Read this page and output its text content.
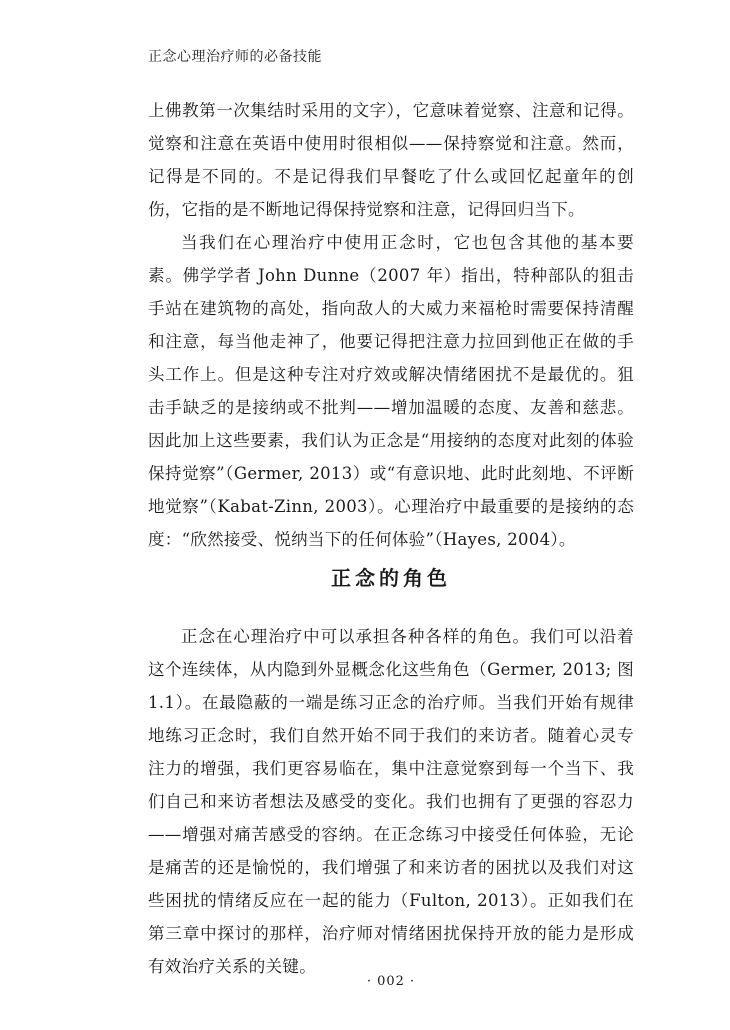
正念心理治疗师的必备技能

上佛教第一次集结时采用的文字），它意味着觉察、注意和记得。觉察和注意在英语中使用时很相似——保持察觉和注意。然而，记得是不同的。不是记得我们早餐吃了什么或回忆起童年的创伤，它指的是不断地记得保持觉察和注意，记得回归当下。

当我们在心理治疗中使用正念时，它也包含其他的基本要素。佛学学者 John Dunne（2007 年）指出，特种部队的狙击手站在建筑物的高处，指向敌人的大威力来福枪时需要保持清醒和注意，每当他走神了，他要记得把注意力拉回到他正在做的手头工作上。但是这种专注对疗效或解决情绪困扰不是最优的。狙击手缺乏的是接纳或不批判——增加温暖的态度、友善和慈悲。因此加上这些要素，我们认为正念是“用接纳的态度对此刻的体验保持觉察”（Germer, 2013）或“有意识地、此时此刻地、不评断地觉察”（Kabat-Zinn, 2003）。心理治疗中最重要的是接纳的态度：“欣然接受、悦纳当下的任何体验”（Hayes, 2004）。

正念的角色

正念在心理治疗中可以承担各种各样的角色。我们可以沿着这个连续体，从内隐到外显概念化这些角色（Germer, 2013; 图 1.1）。在最隐蔽的一端是练习正念的治疗师。当我们开始有规律地练习正念时，我们自然开始不同于我们的来访者。随着心灵专注力的增强，我们更容易临在，集中注意觉察到每一个当下、我们自己和来访者想法及感受的变化。我们也拥有了更强的容忍力——增强对痛苦感受的容纳。在正念练习中接受任何体验，无论是痛苦的还是愉悦的，我们增强了和来访者的困扰以及我们对这些困扰的情绪反应在一起的能力（Fulton, 2013）。正如我们在第三章中探讨的那样，治疗师对情绪困扰保持开放的能力是形成有效治疗关系的关键。

· 002 ·
